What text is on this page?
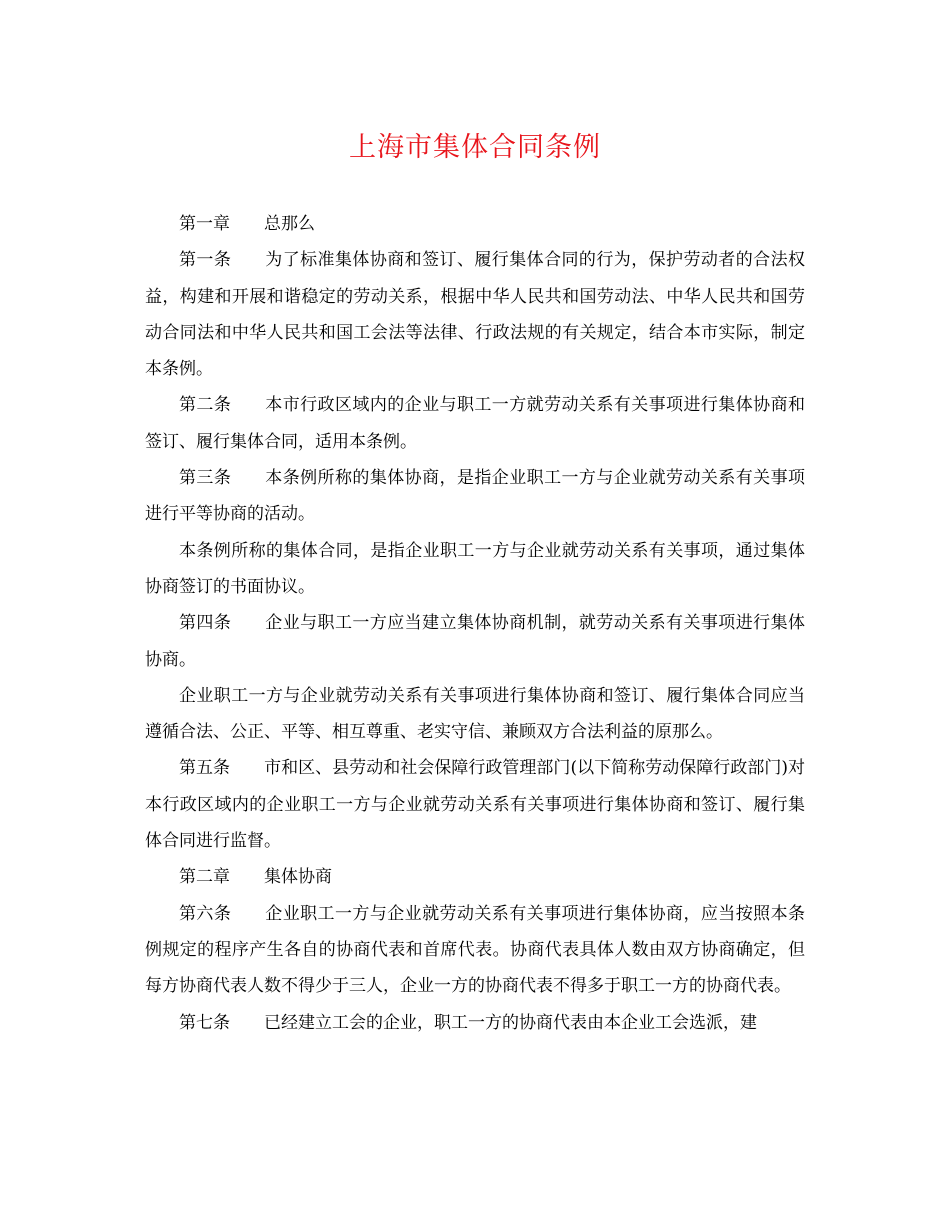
上海市集体合同条例

第一章 总那么

第一条 为了标准集体协商和签订、履行集体合同的行为，保护劳动者的合法权益，构建和开展和谐稳定的劳动关系，根据中华人民共和国劳动法、中华人民共和国劳动合同法和中华人民共和国工会法等法律、行政法规的有关规定，结合本市实际，制定本条例。

第二条 本市行政区域内的企业与职工一方就劳动关系有关事项进行集体协商和签订、履行集体合同，适用本条例。

第三条 本条例所称的集体协商，是指企业职工一方与企业就劳动关系有关事项进行平等协商的活动。

本条例所称的集体合同，是指企业职工一方与企业就劳动关系有关事项，通过集体协商签订的书面协议。

第四条 企业与职工一方应当建立集体协商机制，就劳动关系有关事项进行集体协商。

企业职工一方与企业就劳动关系有关事项进行集体协商和签订、履行集体合同应当遵循合法、公正、平等、相互尊重、老实守信、兼顾双方合法利益的原那么。

第五条 市和区、县劳动和社会保障行政管理部门(以下简称劳动保障行政部门)对本行政区域内的企业职工一方与企业就劳动关系有关事项进行集体协商和签订、履行集体合同进行监督。

第二章 集体协商

第六条 企业职工一方与企业就劳动关系有关事项进行集体协商，应当按照本条例规定的程序产生各自的协商代表和首席代表。协商代表具体人数由双方协商确定，但每方协商代表人数不得少于三人，企业一方的协商代表不得多于职工一方的协商代表。

第七条 已经建立工会的企业，职工一方的协商代表由本企业工会选派，建
